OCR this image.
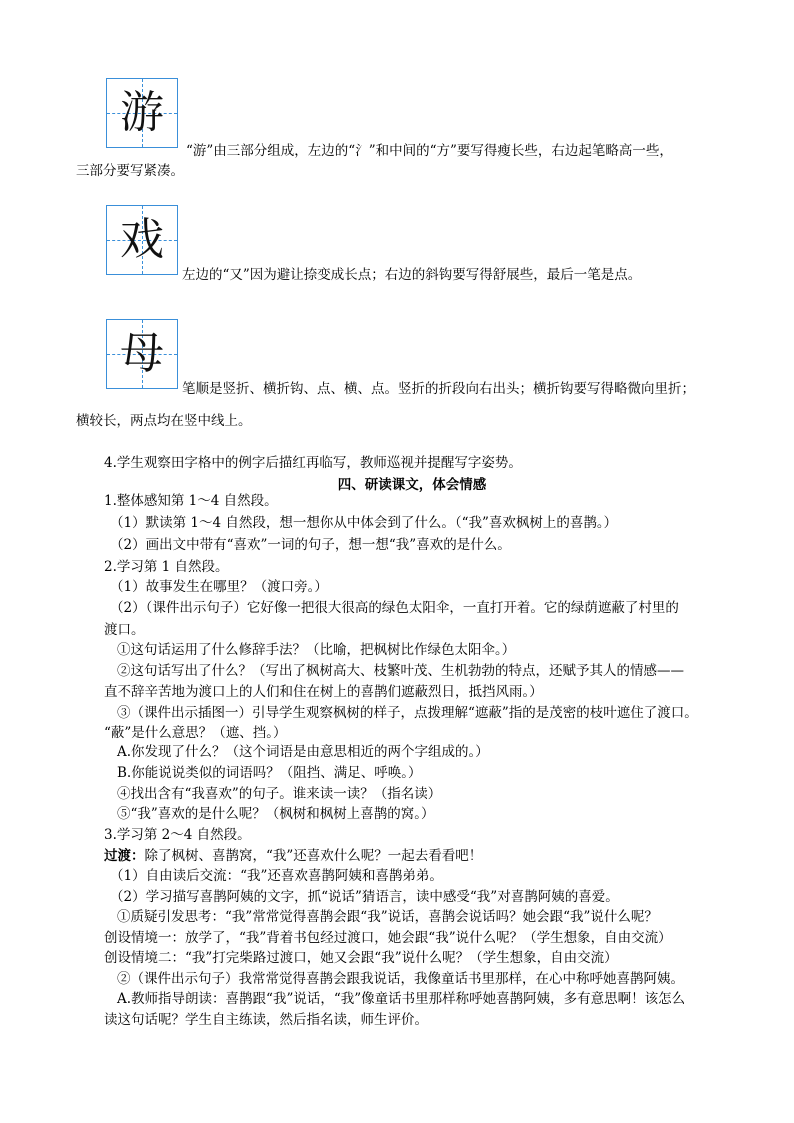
游
“游”由三部分组成，左边的“氵”和中间的“方”要写得瘦长些，右边起笔略高一些，
三部分要写紧凑。
戏
左边的“又”因为避让捺变成长点；右边的斜钩要写得舒展些，最后一笔是点。
母
笔顺是竖折、横折钩、点、横、点。竖折的折段向右出头；横折钩要写得略微向里折；
横较长，两点均在竖中线上。
4.学生观察田字格中的例字后描红再临写，教师巡视并提醒写字姿势。
四、研读课文，体会情感
1.整体感知第 1～4 自然段。
（1）默读第 1～4 自然段，想一想你从中体会到了什么。（“我”喜欢枫树上的喜鹊。）
（2）画出文中带有“喜欢”一词的句子，想一想“我”喜欢的是什么。
2.学习第 1 自然段。
（1）故事发生在哪里？（渡口旁。）
（2）（课件出示句子）它好像一把很大很高的绿色太阳伞，一直打开着。它的绿荫遮蔽了村里的
渡口。
①这句话运用了什么修辞手法？（比喻，把枫树比作绿色太阳伞。）
②这句话写出了什么？（写出了枫树高大、枝繁叶茂、生机勃勃的特点，还赋予其人的情感——
直不辞辛苦地为渡口上的人们和住在树上的喜鹊们遮蔽烈日，抵挡风雨。）
③（课件出示插图一）引导学生观察枫树的样子，点拨理解“遮蔽”指的是茂密的枝叶遮住了渡口。
“蔽”是什么意思？（遮、挡。）
A.你发现了什么？（这个词语是由意思相近的两个字组成的。）
B.你能说说类似的词语吗？（阻挡、满足、呼唤。）
④找出含有“我喜欢”的句子。谁来读一读？（指名读）
⑤“我”喜欢的是什么呢？（枫树和枫树上喜鹊的窝。）
3.学习第 2～4 自然段。
过渡：除了枫树、喜鹊窝，“我”还喜欢什么呢？一起去看看吧！
（1）自由读后交流：“我”还喜欢喜鹊阿姨和喜鹊弟弟。
（2）学习描写喜鹊阿姨的文字，抓“说话”猜语言，读中感受“我”对喜鹊阿姨的喜爱。
①质疑引发思考：“我”常常觉得喜鹊会跟“我”说话，喜鹊会说话吗？她会跟“我”说什么呢？
创设情境一：放学了，“我”背着书包经过渡口，她会跟“我”说什么呢？（学生想象，自由交流）
创设情境二：“我”打完柴路过渡口，她又会跟“我”说什么呢？（学生想象，自由交流）
②（课件出示句子）我常常觉得喜鹊会跟我说话，我像童话书里那样，在心中称呼她喜鹊阿姨。
A.教师指导朗读：喜鹊跟“我”说话，“我”像童话书里那样称呼她喜鹊阿姨，多有意思啊！该怎么
读这句话呢？学生自主练读，然后指名读，师生评价。
